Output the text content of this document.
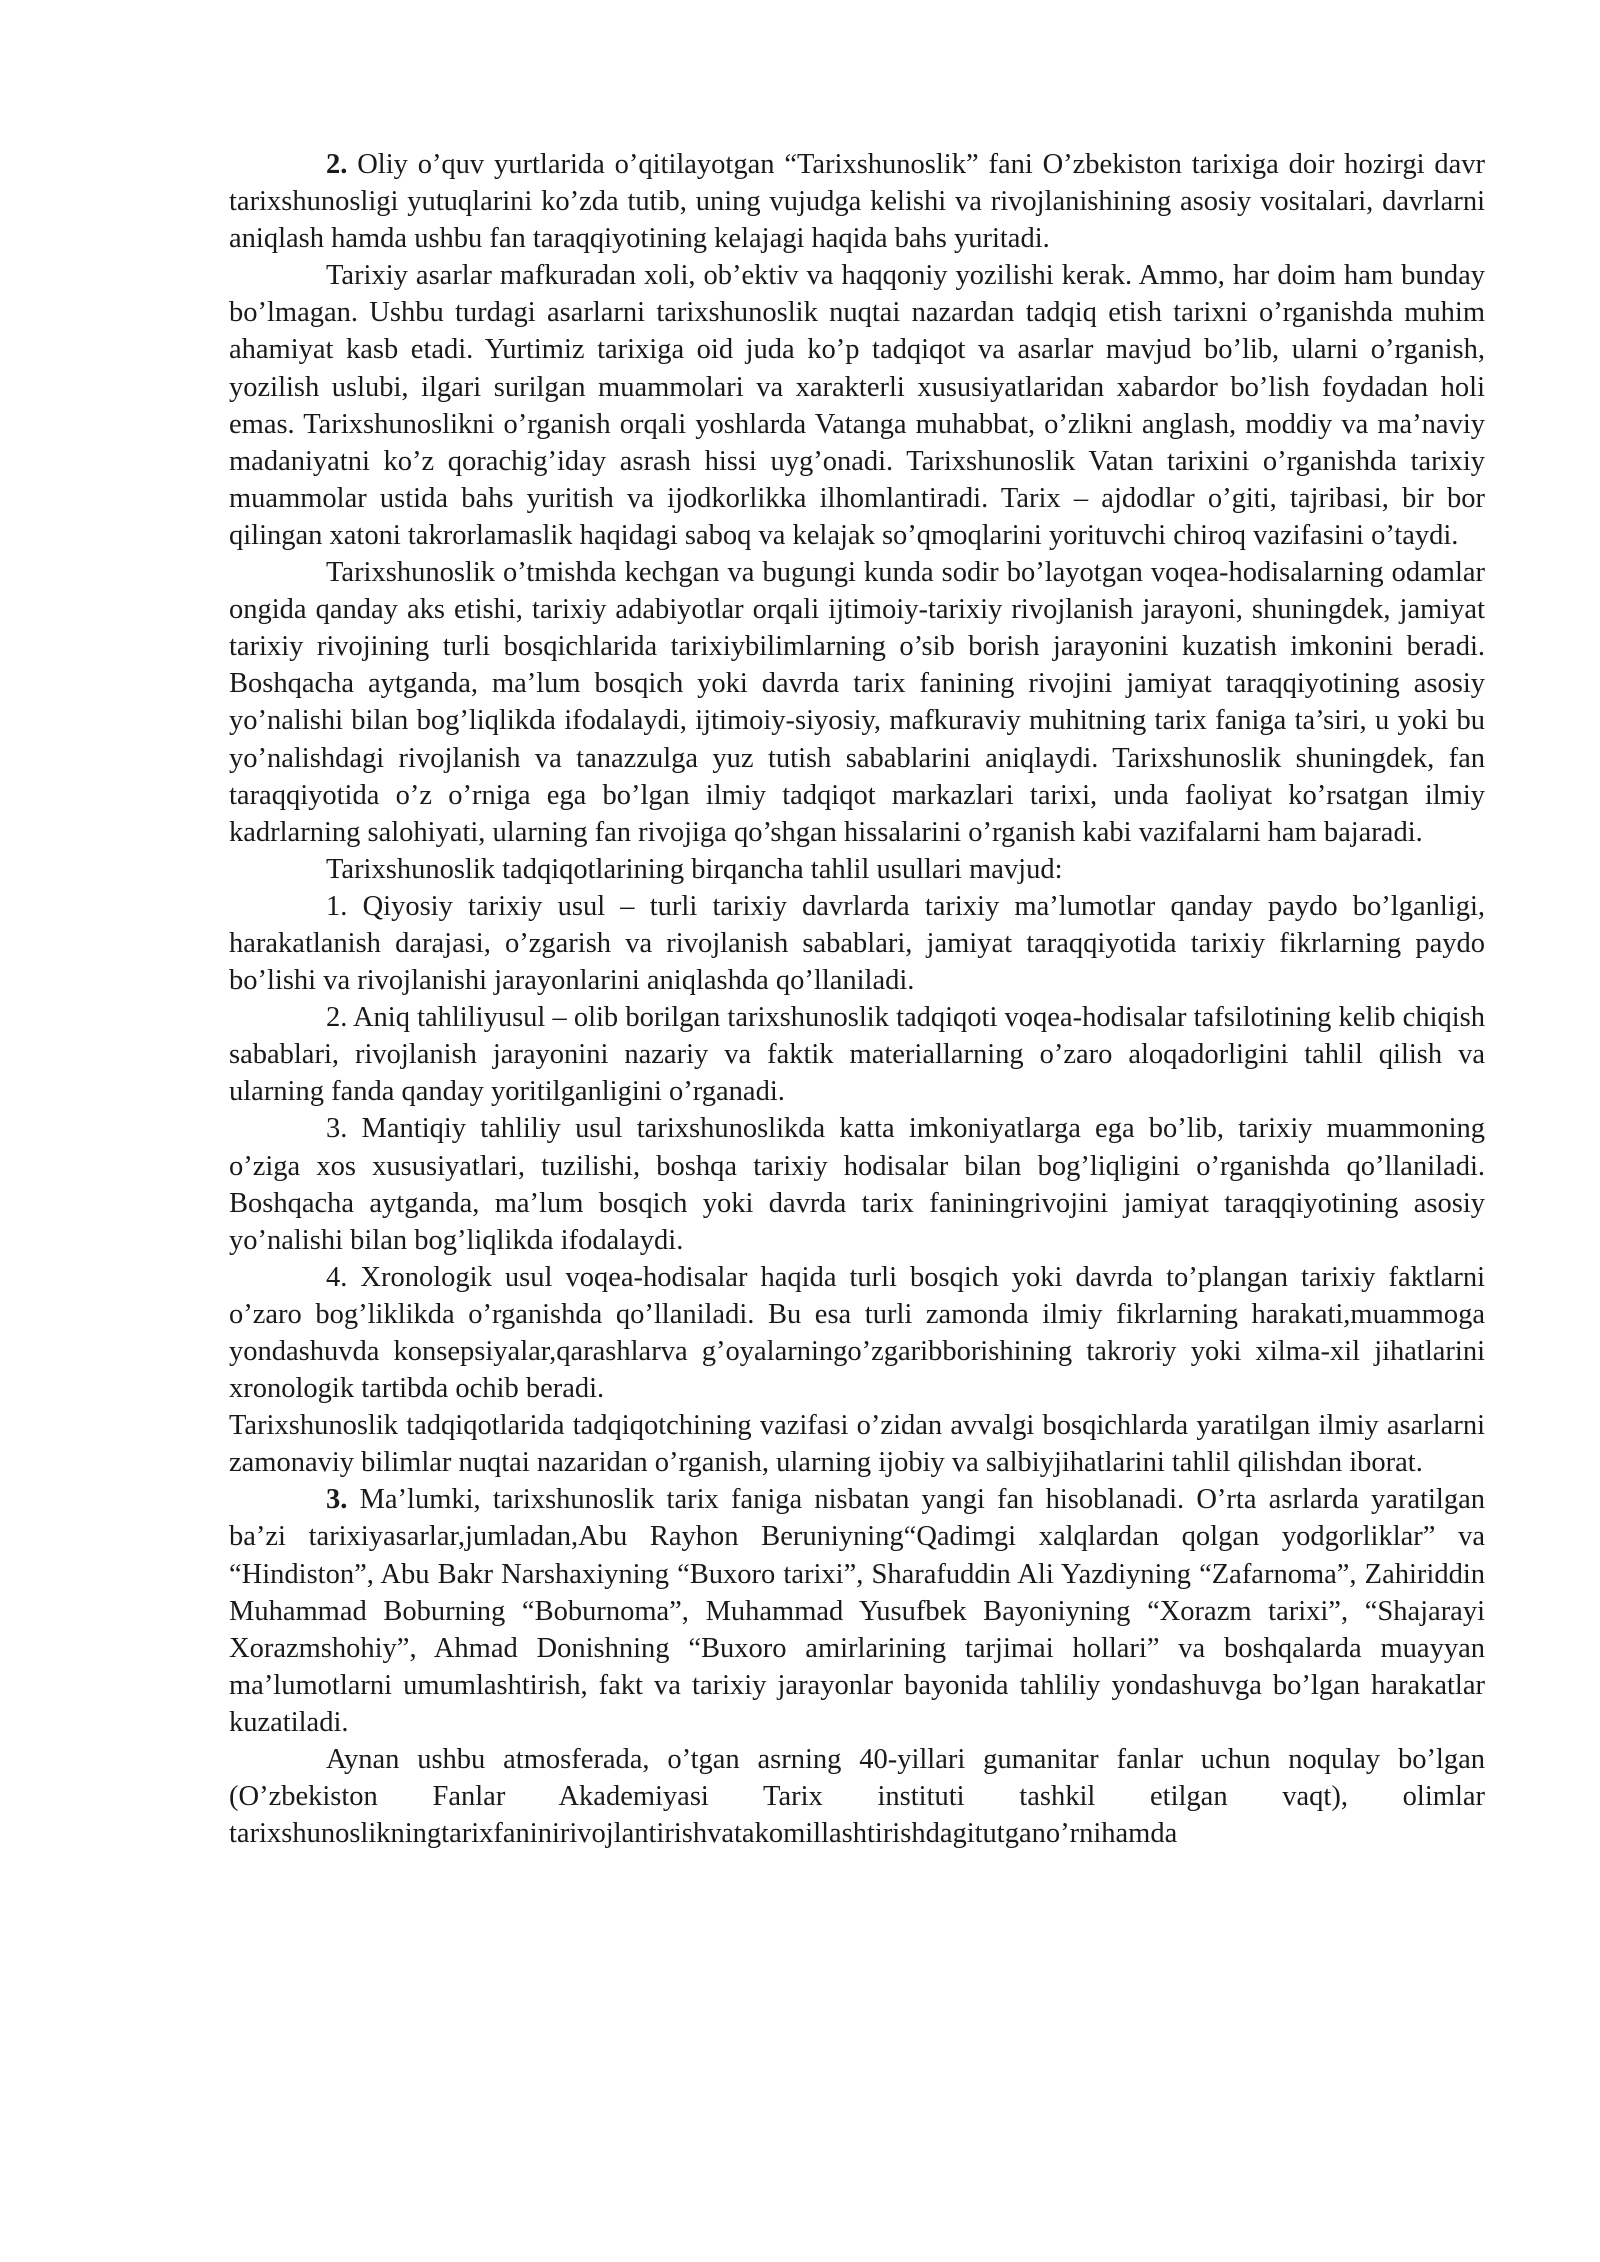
2. Oliy o’quv yurtlarida o’qitilayotgan “Tarixshunoslik” fani O’zbekiston tarixiga doir hozirgi davr tarixshunosligi yutuqlarini ko’zda tutib, uning vujudga kelishi va rivojlanishining asosiy vositalari, davrlarni aniqlash hamda ushbu fan taraqqiyotining kelajagi haqida bahs yuritadi.

Tarixiy asarlar mafkuradan xoli, ob’ektiv va haqqoniy yozilishi kerak. Ammo, har doim ham bunday bo’lmagan. Ushbu turdagi asarlarni tarixshunoslik nuqtai nazardan tadqiq etish tarixni o’rganishda muhim ahamiyat kasb etadi. Yurtimiz tarixiga oid juda ko’p tadqiqot va asarlar mavjud bo’lib, ularni o’rganish, yozilish uslubi, ilgari surilgan muammolari va xarakterli xususiyatlaridan xabardor bo’lish foydadan holi emas. Tarixshunoslikni o’rganish orqali yoshlarda Vatanga muhabbat, o’zlikni anglash, moddiy va ma’naviy madaniyatni ko’z qorachig’iday asrash hissi uyg’onadi. Tarixshunoslik Vatan tarixini o’rganishda tarixiy muammolar ustida bahs yuritish va ijodkorlikka ilhomlantiradi. Tarix – ajdodlar o’giti, tajribasi, bir bor qilingan xatoni takrorlamaslik haqidagi saboq va kelajak so’qmoqlarini yorituvchi chiroq vazifasini o’taydi.

Tarixshunoslik o’tmishda kechgan va bugungi kunda sodir bo’layotgan voqea-hodisalarning odamlar ongida qanday aks etishi, tarixiy adabiyotlar orqali ijtimoiy-tarixiy rivojlanish jarayoni, shuningdek, jamiyat tarixiy rivojining turli bosqichlarida tarixiybilimlarning o’sib borish jarayonini kuzatish imkonini beradi. Boshqacha aytganda, ma’lum bosqich yoki davrda tarix fanining rivojini jamiyat taraqqiyotining asosiy yo’nalishi bilan bog’liqlikda ifodalaydi, ijtimoiy-siyosiy, mafkuraviy muhitning tarix faniga ta’siri, u yoki bu yo’nalishdagi rivojlanish va tanazzulga yuz tutish sabablarini aniqlaydi. Tarixshunoslik shuningdek, fan taraqqiyotida o’z o’rniga ega bo’lgan ilmiy tadqiqot markazlari tarixi, unda faoliyat ko’rsatgan ilmiy kadrlarning salohiyati, ularning fan rivojiga qo’shgan hissalarini o’rganish kabi vazifalarni ham bajaradi.

Tarixshunoslik tadqiqotlarining birqancha tahlil usullari mavjud:

1. Qiyosiy tarixiy usul – turli tarixiy davrlarda tarixiy ma’lumotlar qanday paydo bo’lganligi, harakatlanish darajasi, o’zgarish va rivojlanish sabablari, jamiyat taraqqiyotida tarixiy fikrlarning paydo bo’lishi va rivojlanishi jarayonlarini aniqlashda qo’llaniladi.

2. Aniq tahliliyusul – olib borilgan tarixshunoslik tadqiqoti voqea-hodisalar tafsilotining kelib chiqish sabablari, rivojlanish jarayonini nazariy va faktik materiallarning o’zaro aloqadorligini tahlil qilish va ularning fanda qanday yoritilganligini o’rganadi.

3. Mantiqiy tahliliy usul tarixshunoslikda katta imkoniyatlarga ega bo’lib, tarixiy muammoning o’ziga xos xususiyatlari, tuzilishi, boshqa tarixiy hodisalar bilan bog’liqligini o’rganishda qo’llaniladi. Boshqacha aytganda, ma’lum bosqich yoki davrda tarix faniningrivojini jamiyat taraqqiyotining asosiy yo’nalishi bilan bog’liqlikda ifodalaydi.

4. Xronologik usul voqea-hodisalar haqida turli bosqich yoki davrda to’plangan tarixiy faktlarni o’zaro bog’liklikda o’rganishda qo’llaniladi. Bu esa turli zamonda ilmiy fikrlarning harakati,muammoga yondashuvda konsepsiyalar,qarashlarva g’oyalarningo’zgaribborishining takroriy yoki xilma-xil jihatlarini xronologik tartibda ochib beradi.

Tarixshunoslik tadqiqotlarida tadqiqotchining vazifasi o’zidan avvalgi bosqichlarda yaratilgan ilmiy asarlarni zamonaviy bilimlar nuqtai nazaridan o’rganish, ularning ijobiy va salbiyjihatlarini tahlil qilishdan iborat.

3. Ma’lumki, tarixshunoslik tarix faniga nisbatan yangi fan hisoblanadi. O’rta asrlarda yaratilgan ba’zi tarixiyasarlar,jumladan,Abu Rayhon Beruniyning“Qadimgi xalqlardan qolgan yodgorliklar” va “Hindiston”, Abu Bakr Narshaxiyning “Buxoro tarixi”, Sharafuddin Ali Yazdiyning “Zafarnoma”, Zahiriddin Muhammad Boburning “Boburnoma”, Muhammad Yusufbek Bayoniyning “Xorazm tarixi”, “Shajarayi Xorazmshohiy”, Ahmad Donishning “Buxoro amirlarining tarjimai hollari” va boshqalarda muayyan ma’lumotlarni umumlashtirish, fakt va tarixiy jarayonlar bayonida tahliliy yondashuvga bo’lgan harakatlar kuzatiladi.

Aynan ushbu atmosferada, o’tgan asrning 40-yillari gumanitar fanlar uchun noqulay bo’lgan (O’zbekiston Fanlar Akademiyasi Tarix instituti tashkil etilgan vaqt), olimlar tarixshunoslikningtarixfaninirivojlantirishvatakomillashtirishdagitutgano’rnihamda
